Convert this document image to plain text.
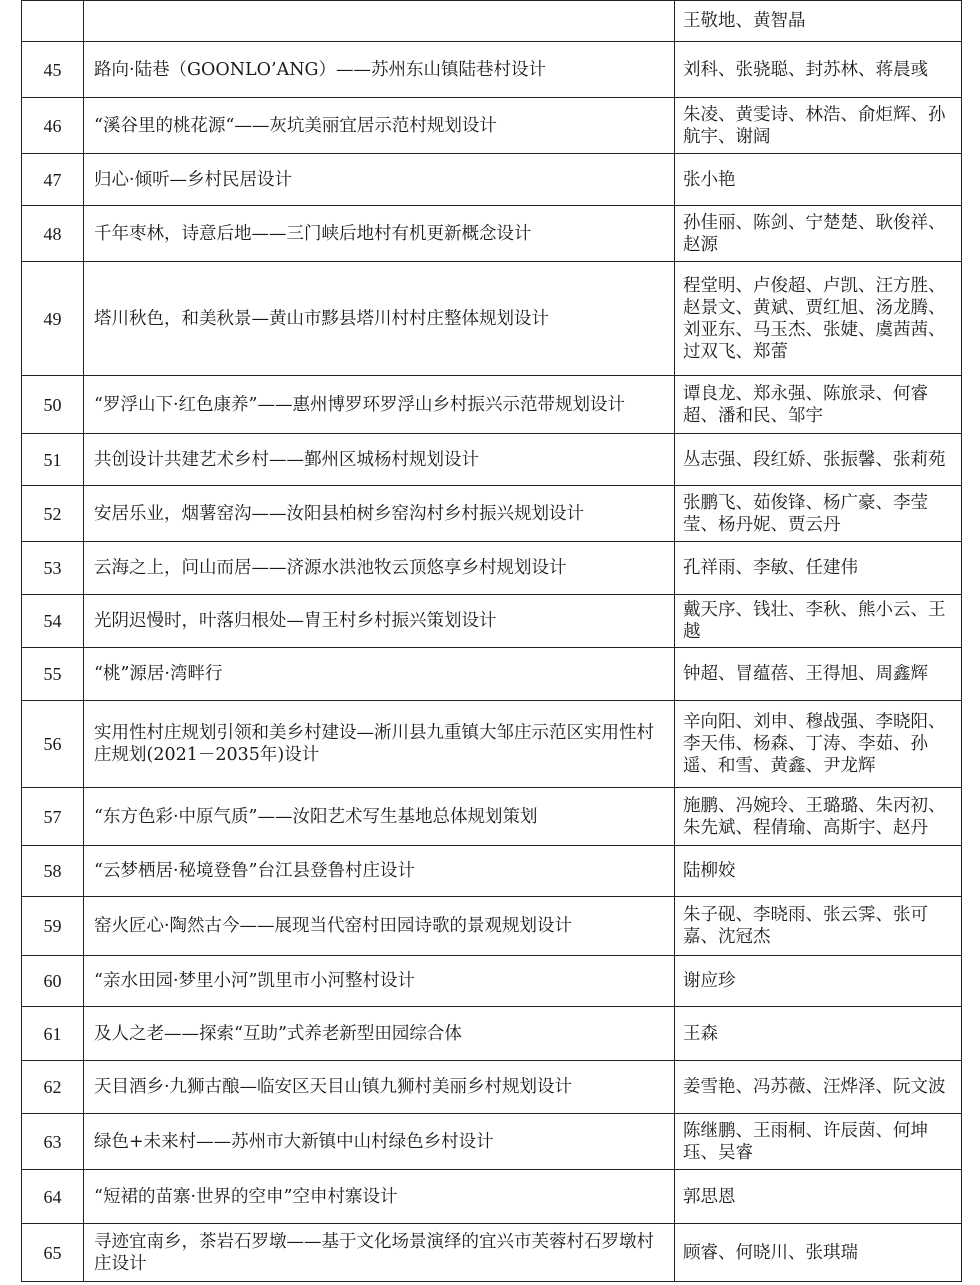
		王敬地、黄智晶
45	路向·陆巷（GOONLO’ANG）——苏州东山镇陆巷村设计	刘科、张骁聪、封苏林、蒋晨彧
46	“溪谷里的桃花源“——灰坑美丽宜居示范村规划设计	朱凌、黄雯诗、林浩、俞炬辉、孙航宇、谢阔
47	归心·倾听—乡村民居设计	张小艳
48	千年枣林，诗意后地——三门峡后地村有机更新概念设计	孙佳丽、陈剑、宁楚楚、耿俊祥、赵源
49	塔川秋色，和美秋景—黄山市黟县塔川村村庄整体规划设计	程堂明、卢俊超、卢凯、汪方胜、赵景文、黄斌、贾红旭、汤龙腾、刘亚东、马玉杰、张婕、虞茜茜、过双飞、郑蕾
50	“罗浮山下·红色康养”——惠州博罗环罗浮山乡村振兴示范带规划设计	谭良龙、郑永强、陈旅录、何睿超、潘和民、邹宇
51	共创设计共建艺术乡村——鄞州区城杨村规划设计	丛志强、段红娇、张振馨、张莉苑
52	安居乐业，烟薯窑沟——汝阳县柏树乡窑沟村乡村振兴规划设计	张鹏飞、茹俊锋、杨广豪、李莹莹、杨丹妮、贾云丹
53	云海之上，问山而居——济源水洪池牧云顶悠享乡村规划设计	孔祥雨、李敏、任建伟
54	光阴迟慢时，叶落归根处—胄王村乡村振兴策划设计	戴天序、钱壮、李秋、熊小云、王越
55	“桃”源居·湾畔行	钟超、冒蕴蓓、王得旭、周鑫辉
56	实用性村庄规划引领和美乡村建设—淅川县九重镇大邹庄示范区实用性村庄规划(2021－2035年)设计	辛向阳、刘申、穆战强、李晓阳、李天伟、杨森、丁涛、李茹、孙遥、和雪、黄鑫、尹龙辉
57	“东方色彩·中原气质”——汝阳艺术写生基地总体规划策划	施鹏、冯婉玲、王璐璐、朱丙初、朱先斌、程倩瑜、高斯宇、赵丹
58	“云梦栖居·秘境登鲁”台江县登鲁村庄设计	陆柳姣
59	窑火匠心·陶然古今——展现当代窑村田园诗歌的景观规划设计	朱子砚、李晓雨、张云霁、张可嘉、沈冠杰
60	“亲水田园·梦里小河”凯里市小河整村设计	谢应珍
61	及人之老——探索“互助”式养老新型田园综合体	王森
62	天目酒乡·九狮古酿—临安区天目山镇九狮村美丽乡村规划设计	姜雪艳、冯苏薇、汪烨泽、阮文波
63	绿色+未来村——苏州市大新镇中山村绿色乡村设计	陈继鹏、王雨桐、许辰茵、何坤珏、吴睿
64	“短裙的苗寨·世界的空申”空申村寨设计	郭思恩
65	寻迹宜南乡，茶岩石罗墩——基于文化场景演绎的宜兴市芙蓉村石罗墩村庄设计	顾睿、何晓川、张琪瑞
